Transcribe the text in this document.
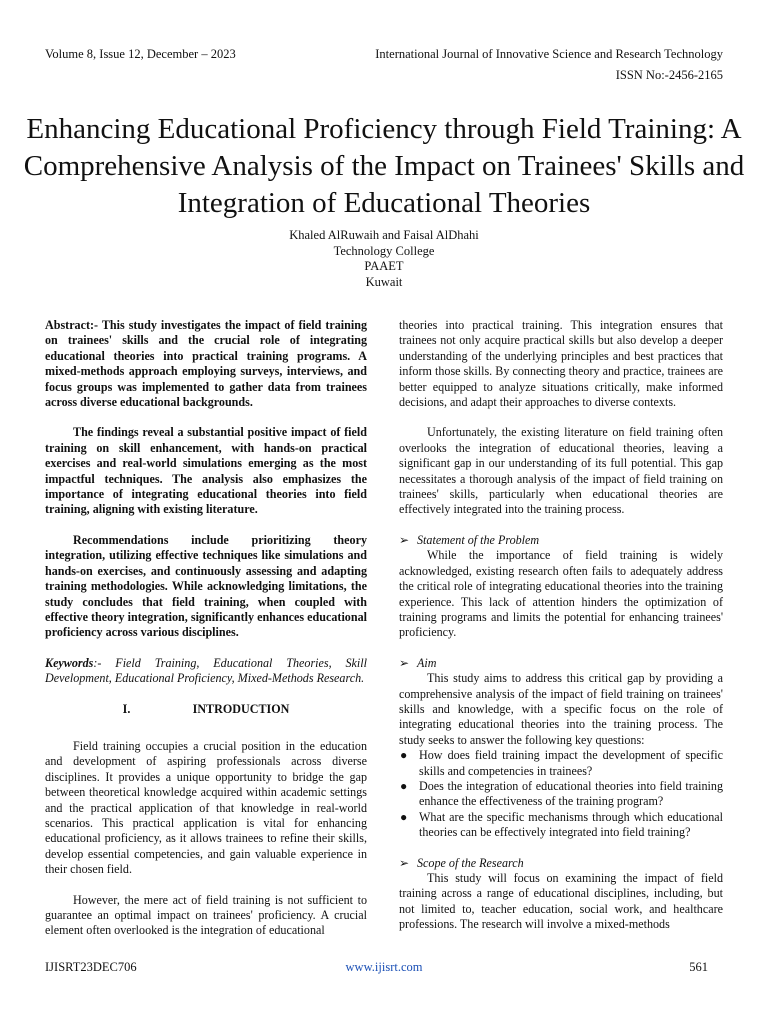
Volume 8, Issue 12, December – 2023	International Journal of Innovative Science and Research Technology
ISSN No:-2456-2165
Enhancing Educational Proficiency through Field Training: A Comprehensive Analysis of the Impact on Trainees' Skills and Integration of Educational Theories
Khaled AlRuwaih and Faisal AlDhahi
Technology College
PAAET
Kuwait

Abstract:- This study investigates the impact of field training on trainees' skills and the crucial role of integrating educational theories into practical training programs. A mixed-methods approach employing surveys, interviews, and focus groups was implemented to gather data from trainees across diverse educational backgrounds.

The findings reveal a substantial positive impact of field training on skill enhancement, with hands-on practical exercises and real-world simulations emerging as the most impactful techniques. The analysis also emphasizes the importance of integrating educational theories into field training, aligning with existing literature.

Recommendations include prioritizing theory integration, utilizing effective techniques like simulations and hands-on exercises, and continuously assessing and adapting training methodologies. While acknowledging limitations, the study concludes that field training, when coupled with effective theory integration, significantly enhances educational proficiency across various disciplines.

Keywords:- Field Training, Educational Theories, Skill Development, Educational Proficiency, Mixed-Methods Research.

I.	INTRODUCTION

Field training occupies a crucial position in the education and development of aspiring professionals across diverse disciplines. It provides a unique opportunity to bridge the gap between theoretical knowledge acquired within academic settings and the practical application of that knowledge in real-world scenarios. This practical application is vital for enhancing educational proficiency, as it allows trainees to refine their skills, develop essential competencies, and gain valuable experience in their chosen field.

However, the mere act of field training is not sufficient to guarantee an optimal impact on trainees' proficiency. A crucial element often overlooked is the integration of educational

theories into practical training. This integration ensures that trainees not only acquire practical skills but also develop a deeper understanding of the underlying principles and best practices that inform those skills. By connecting theory and practice, trainees are better equipped to analyze situations critically, make informed decisions, and adapt their approaches to diverse contexts.

Unfortunately, the existing literature on field training often overlooks the integration of educational theories, leaving a significant gap in our understanding of its full potential. This gap necessitates a thorough analysis of the impact of field training on trainees' skills, particularly when educational theories are effectively integrated into the training process.

➢ Statement of the Problem

While the importance of field training is widely acknowledged, existing research often fails to adequately address the critical role of integrating educational theories into the training experience. This lack of attention hinders the optimization of training programs and limits the potential for enhancing trainees' proficiency.

➢ Aim

This study aims to address this critical gap by providing a comprehensive analysis of the impact of field training on trainees' skills and knowledge, with a specific focus on the role of integrating educational theories into the training process. The study seeks to answer the following key questions:

● How does field training impact the development of specific skills and competencies in trainees?
● Does the integration of educational theories into field training enhance the effectiveness of the training program?
● What are the specific mechanisms through which educational theories can be effectively integrated into field training?
➢ Scope of the Research

This study will focus on examining the impact of field training across a range of educational disciplines, including, but not limited to, teacher education, social work, and healthcare professions. The research will involve a mixed-methods

IJISRT23DEC706	www.ijisrt.com	561
